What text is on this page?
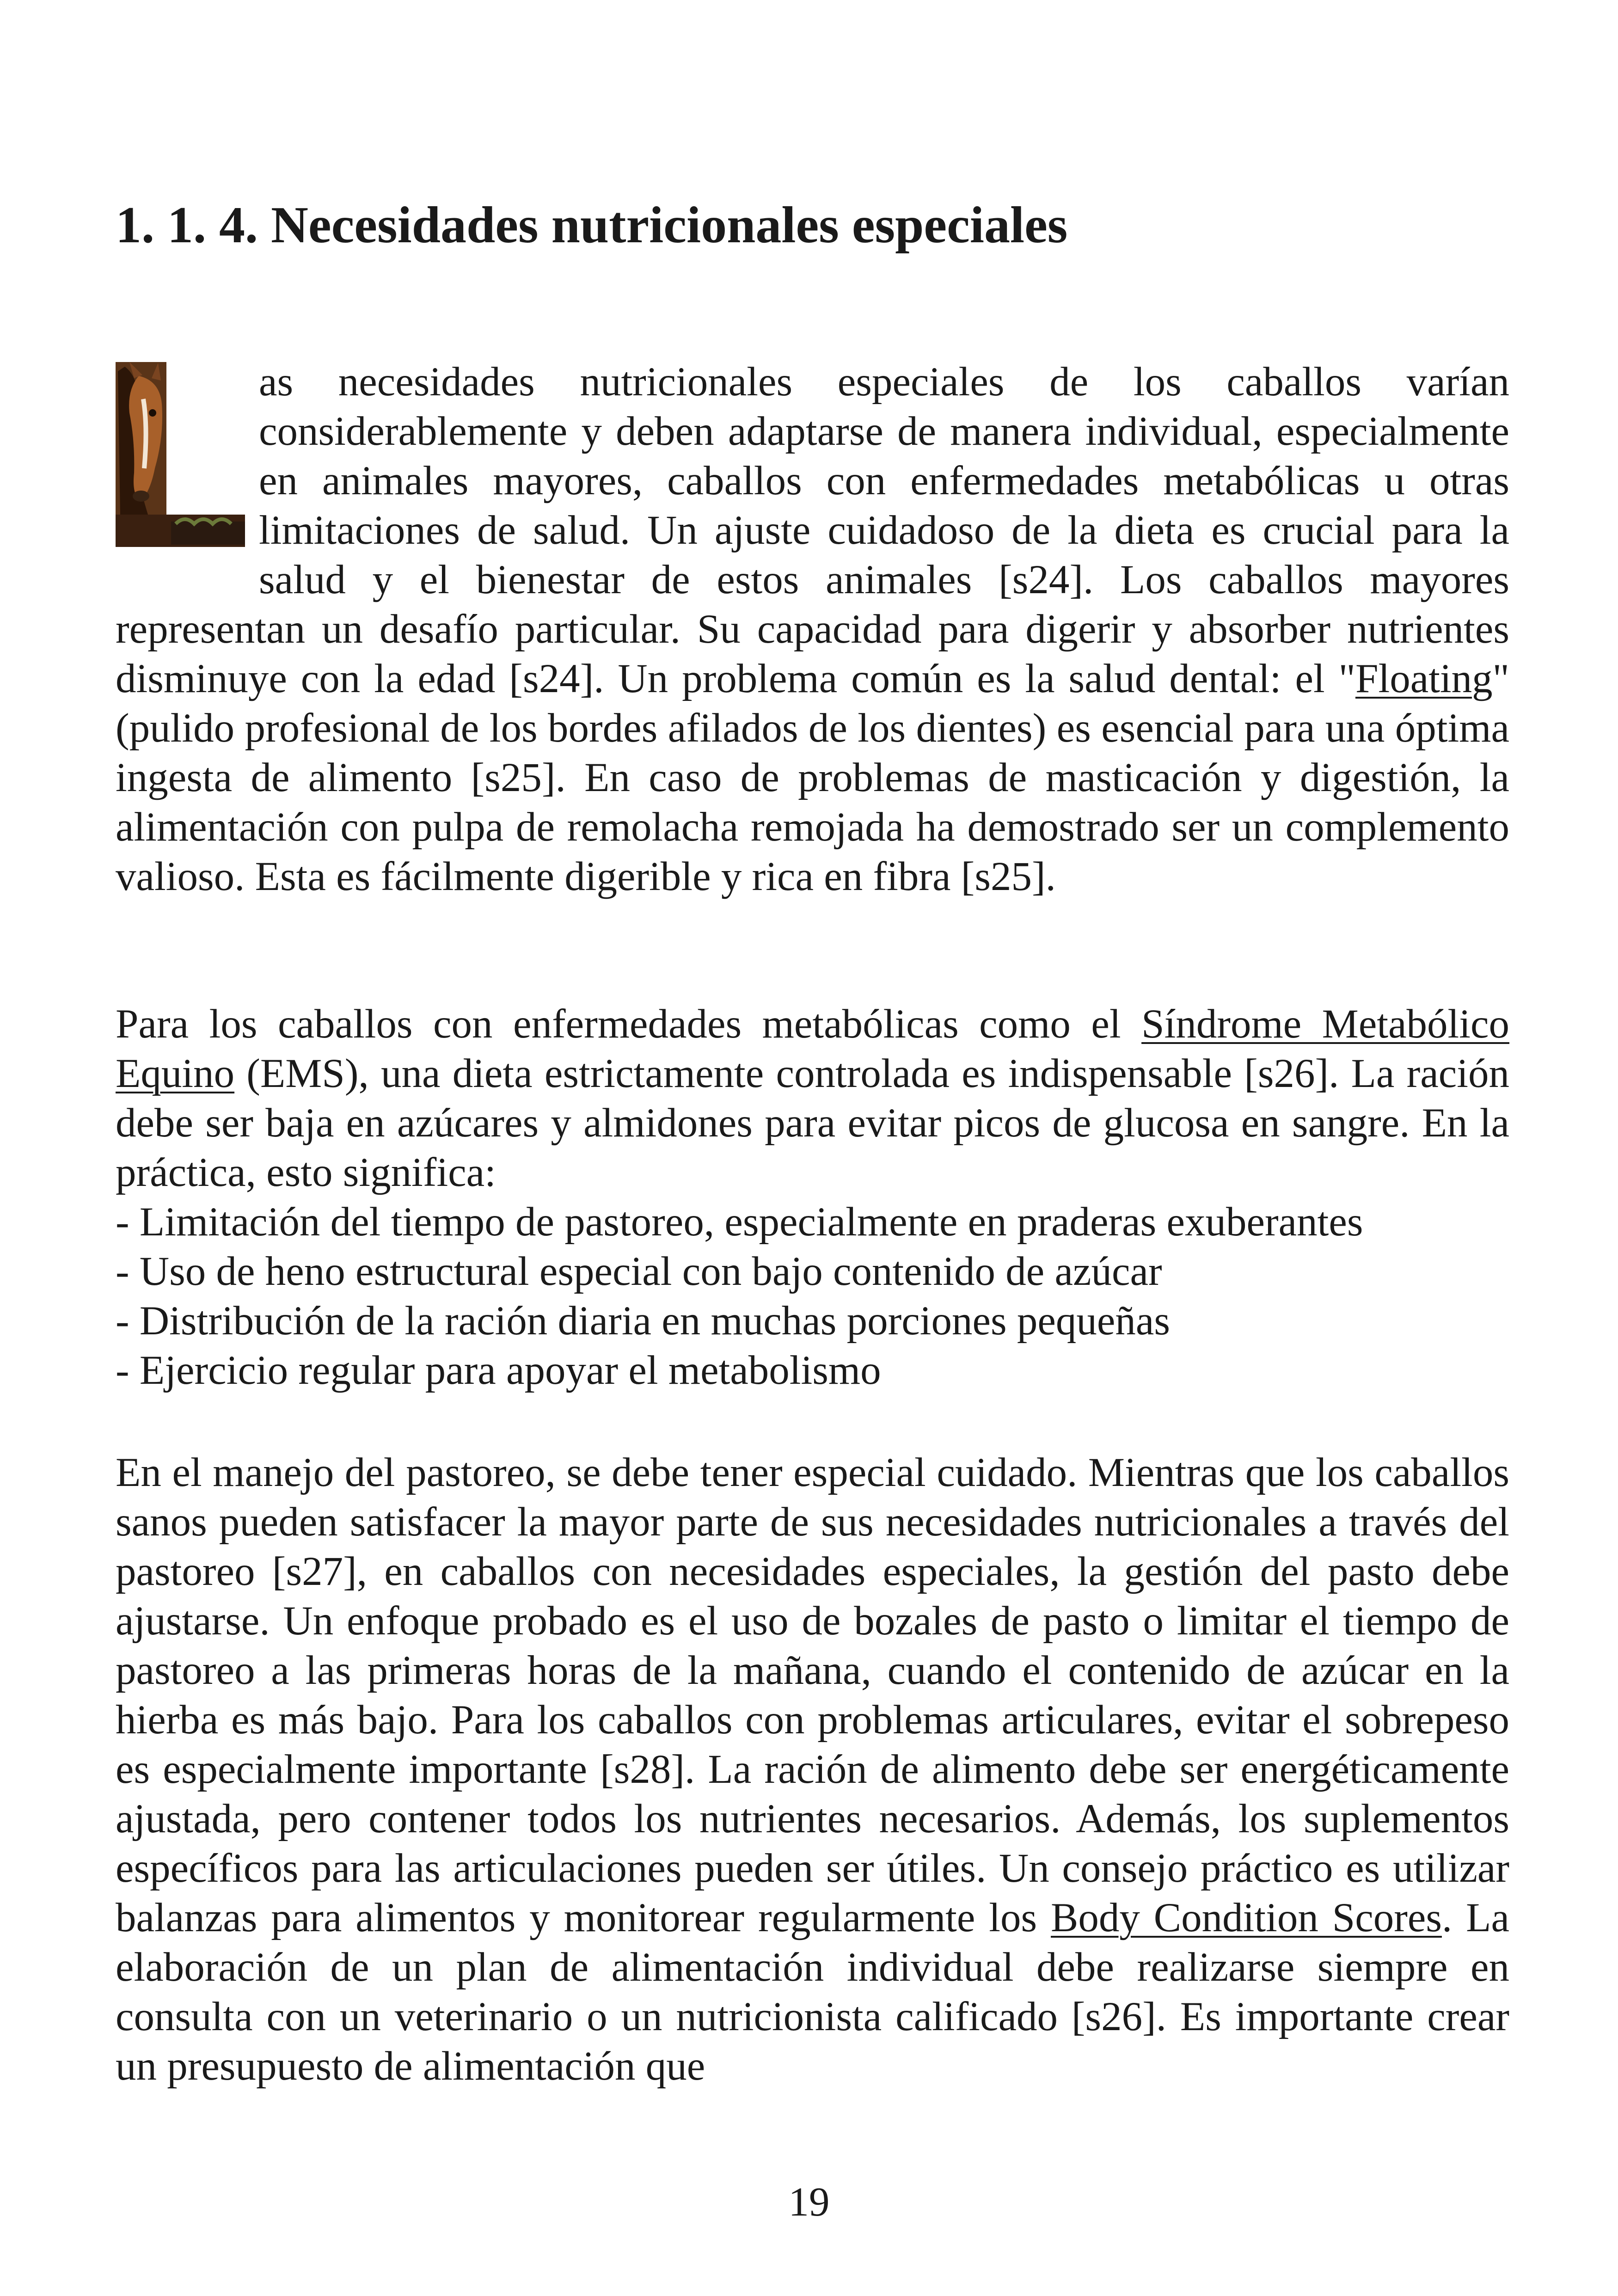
1. 1. 4. Necesidades nutricionales especiales

as necesidades nutricionales especiales de los caballos varían considerablemente y deben adaptarse de manera individual, especialmente en animales mayores, caballos con enfermedades metabólicas u otras limitaciones de salud. Un ajuste cuidadoso de la dieta es crucial para la salud y el bienestar de estos animales [s24]. Los caballos mayores representan un desafío particular. Su capacidad para digerir y absorber nutrientes disminuye con la edad [s24]. Un problema común es la salud dental: el "Floating" (pulido profesional de los bordes afilados de los dientes) es esencial para una óptima ingesta de alimento [s25]. En caso de problemas de masticación y digestión, la alimentación con pulpa de remolacha remojada ha demostrado ser un complemento valioso. Esta es fácilmente digerible y rica en fibra [s25].

Para los caballos con enfermedades metabólicas como el Síndrome Metabólico Equino (EMS), una dieta estrictamente controlada es indispensable [s26]. La ración debe ser baja en azúcares y almidones para evitar picos de glucosa en sangre. En la práctica, esto significa:
- Limitación del tiempo de pastoreo, especialmente en praderas exuberantes
- Uso de heno estructural especial con bajo contenido de azúcar
- Distribución de la ración diaria en muchas porciones pequeñas
- Ejercicio regular para apoyar el metabolismo

En el manejo del pastoreo, se debe tener especial cuidado. Mientras que los caballos sanos pueden satisfacer la mayor parte de sus necesidades nutricionales a través del pastoreo [s27], en caballos con necesidades especiales, la gestión del pasto debe ajustarse. Un enfoque probado es el uso de bozales de pasto o limitar el tiempo de pastoreo a las primeras horas de la mañana, cuando el contenido de azúcar en la hierba es más bajo. Para los caballos con problemas articulares, evitar el sobrepeso es especialmente importante [s28]. La ración de alimento debe ser energéticamente ajustada, pero contener todos los nutrientes necesarios. Además, los suplementos específicos para las articulaciones pueden ser útiles. Un consejo práctico es utilizar balanzas para alimentos y monitorear regularmente los Body Condition Scores. La elaboración de un plan de alimentación individual debe realizarse siempre en consulta con un veterinario o un nutricionista calificado [s26]. Es importante crear un presupuesto de alimentación que

19
